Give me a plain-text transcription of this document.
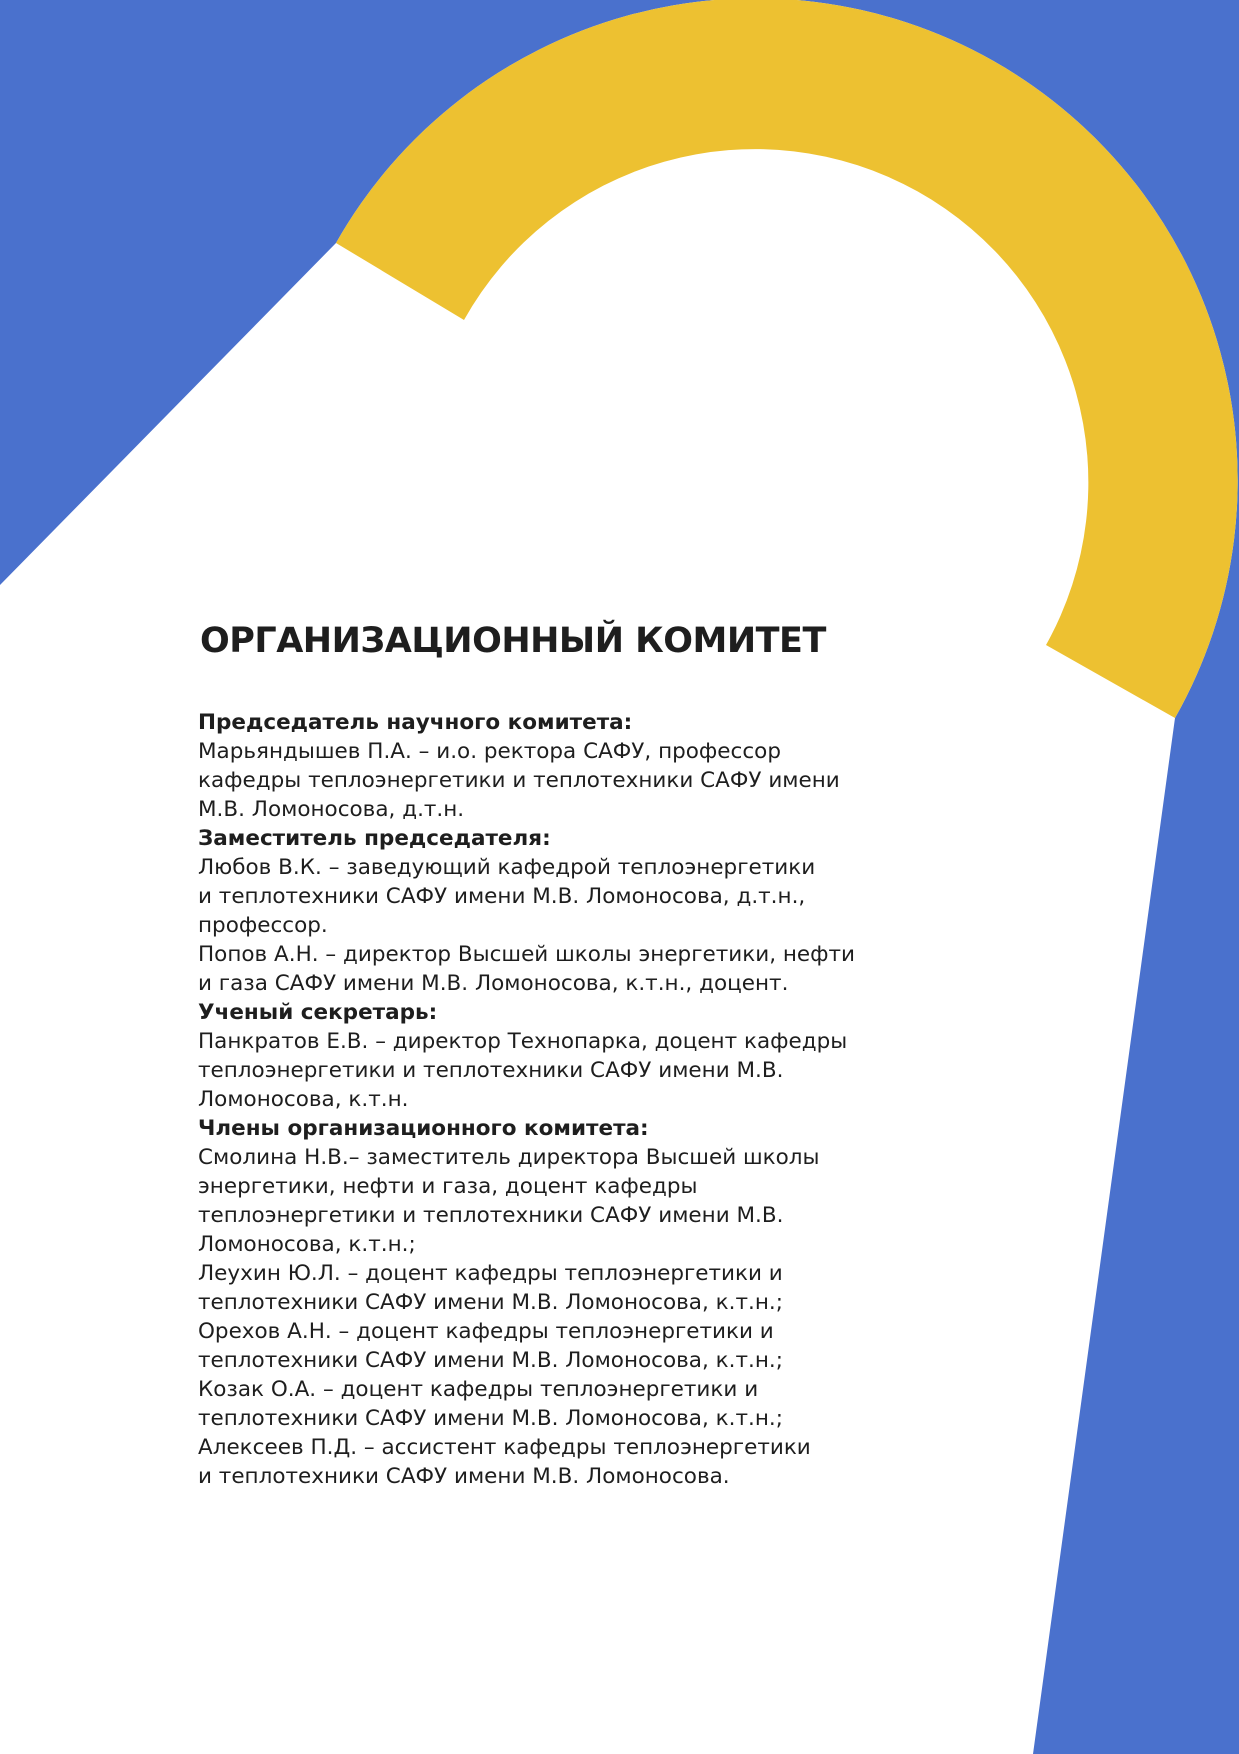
ОРГАНИЗАЦИОННЫЙ КОМИТЕТ
Председатель научного комитета:
Марьяндышев П.А. – и.о. ректора САФУ, профессор
кафедры теплоэнергетики и теплотехники САФУ имени
М.В. Ломоносова, д.т.н.
Заместитель председателя:
Любов В.К. – заведующий кафедрой теплоэнергетики
и теплотехники САФУ имени М.В. Ломоносова, д.т.н.,
профессор.
Попов А.Н. – директор Высшей школы энергетики, нефти
и газа САФУ имени М.В. Ломоносова, к.т.н., доцент.
Ученый секретарь:
Панкратов Е.В. – директор Технопарка, доцент кафедры
теплоэнергетики и теплотехники САФУ имени М.В.
Ломоносова, к.т.н.
Члены организационного комитета:
Смолина Н.В.– заместитель директора Высшей школы
энергетики, нефти и газа, доцент кафедры
теплоэнергетики и теплотехники САФУ имени М.В.
Ломоносова, к.т.н.;
Леухин Ю.Л. – доцент кафедры теплоэнергетики и
теплотехники САФУ имени М.В. Ломоносова, к.т.н.;
Орехов А.Н. – доцент кафедры теплоэнергетики и
теплотехники САФУ имени М.В. Ломоносова, к.т.н.;
Козак О.А. – доцент кафедры теплоэнергетики и
теплотехники САФУ имени М.В. Ломоносова, к.т.н.;
Алексеев П.Д. – ассистент кафедры теплоэнергетики
и теплотехники САФУ имени М.В. Ломоносова.
